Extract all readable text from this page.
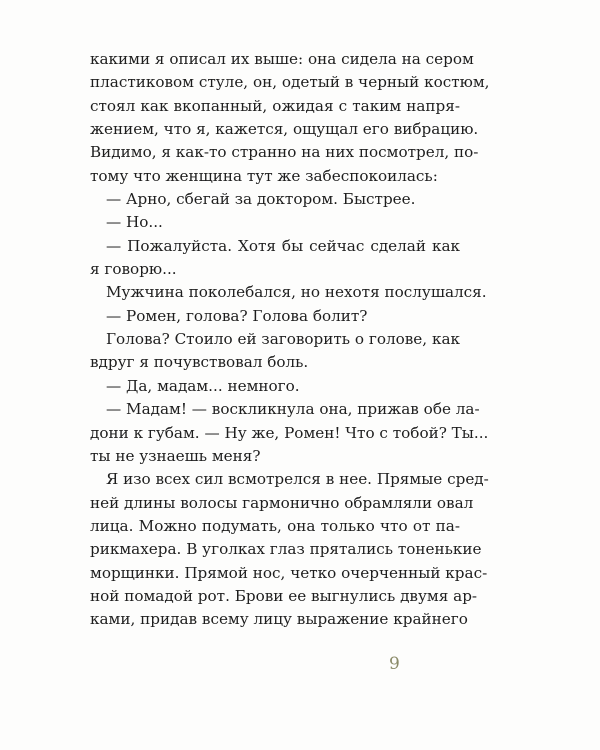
какими я описал их выше: она сидела на сером
пластиковом стуле, он, одетый в черный костюм,
стоял как вкопанный, ожидая с таким напря-
жением, что я, кажется, ощущал его вибрацию.
Видимо, я как-то странно на них посмотрел, по-
тому что женщина тут же забеспокоилась:
— Арно, сбегай за доктором. Быстрее.
— Но...
— Пожалуйста. Хотя бы сейчас сделай как
я говорю...
Мужчина поколебался, но нехотя послушался.
— Ромен, голова? Голова болит?
Голова? Стоило ей заговорить о голове, как
вдруг я почувствовал боль.
— Да, мадам... немного.
— Мадам! — воскликнула она, прижав обе ла-
дони к губам. — Ну же, Ромен! Что с тобой? Ты...
ты не узнаешь меня?
Я изо всех сил всмотрелся в нее. Прямые сред-
ней длины волосы гармонично обрамляли овал
лица. Можно подумать, она только что от па-
рикмахера. В уголках глаз прятались тоненькие
морщинки. Прямой нос, четко очерченный крас-
ной помадой рот. Брови ее выгнулись двумя ар-
ками, придав всему лицу выражение крайнего
9
